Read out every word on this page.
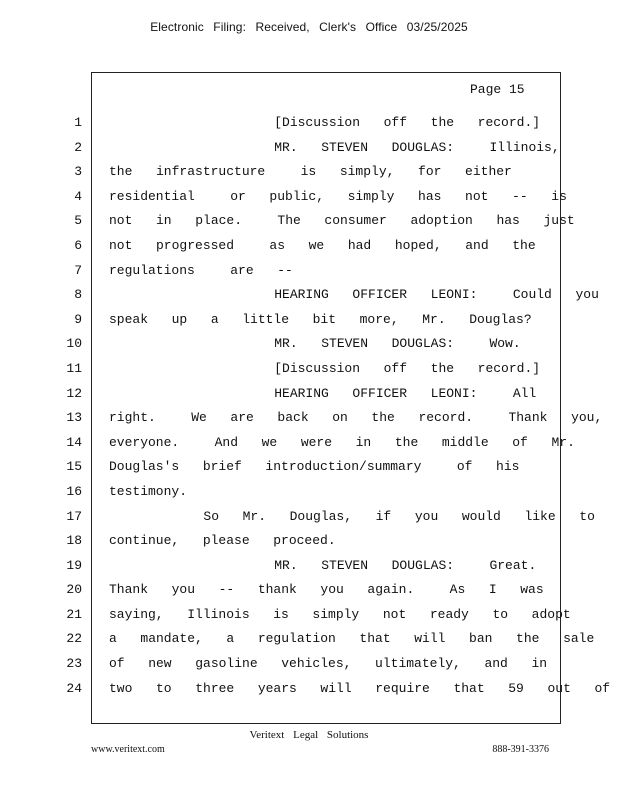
Electronic Filing: Received, Clerk's Office 03/25/2025
Page 15
1
2
3
4
5
6
7
8
9
10
11
12
13
14
15
16
17
18
19
20
21
22
23
24
[Discussion  off  the  record.]
MR.  STEVEN  DOUGLAS:   Illinois,
the  infrastructure   is  simply,  for  either
residential   or  public,  simply  has  not  --  is
not  in  place.   The  consumer  adoption  has  just
not  progressed   as  we  had  hoped,  and  the
regulations   are  --
HEARING  OFFICER  LEONI:   Could  you
speak  up  a  little  bit  more,  Mr.  Douglas?
MR.  STEVEN  DOUGLAS:   Wow.
[Discussion  off  the  record.]
HEARING  OFFICER  LEONI:   All
right.   We  are  back  on  the  record.   Thank  you,
everyone.   And  we  were  in  the  middle  of  Mr.
Douglas's  brief  introduction/summary   of  his
testimony.
So  Mr.  Douglas,  if  you  would  like  to
continue,  please  proceed.
MR.  STEVEN  DOUGLAS:   Great.
Thank  you  --  thank  you  again.   As  I  was
saying,  Illinois  is  simply  not  ready  to  adopt
a  mandate,  a  regulation  that  will  ban  the  sale
of  new  gasoline  vehicles,  ultimately,  and  in
two  to  three  years  will  require  that  59  out  of
Veritext Legal Solutions
www.veritext.com	888-391-3376
